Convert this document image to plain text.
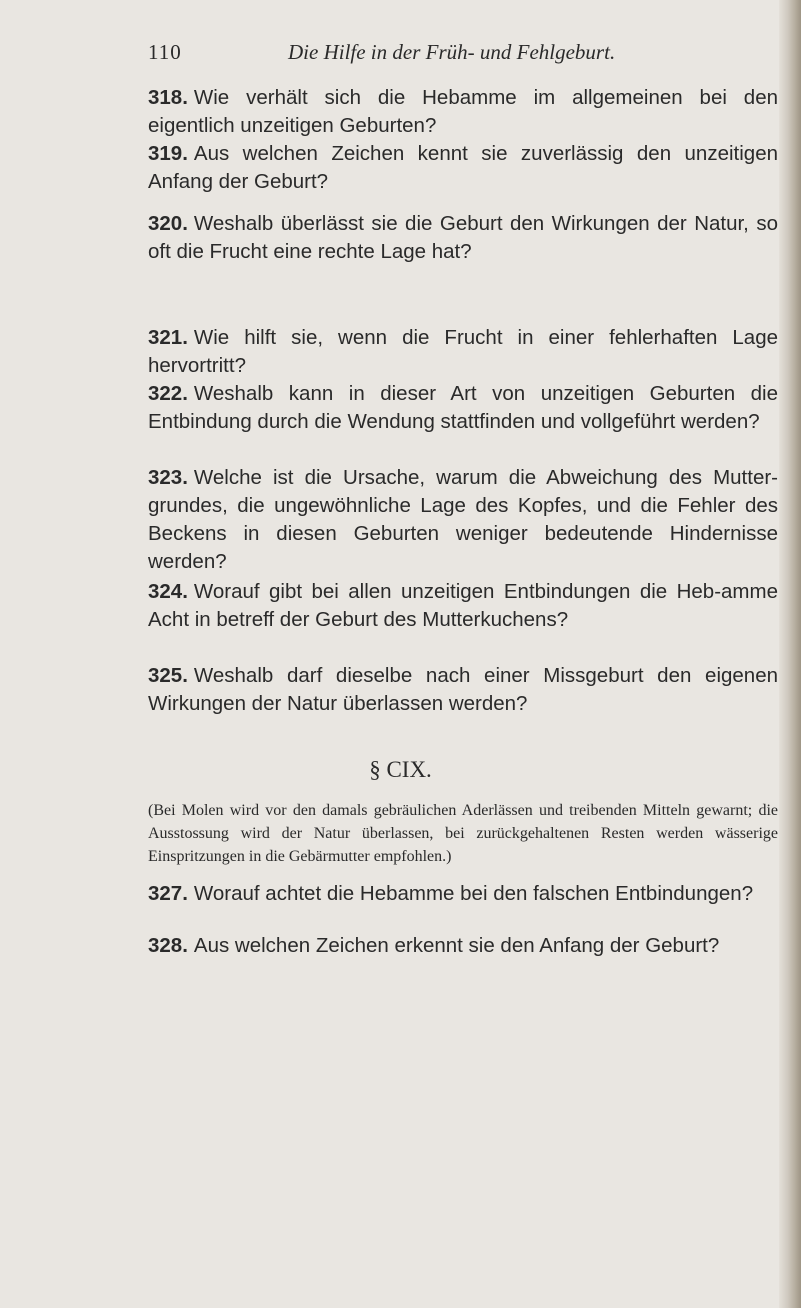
110	Die Hilfe in der Früh- und Fehlgeburt.

318. Wie verhält sich die Hebamme im allgemeinen bei den eigentlich unzeitigen Geburten?

319. Aus welchen Zeichen kennt sie zuverlässig den unzeitigen Anfang der Geburt?

320. Weshalb überlässt sie die Geburt den Wirkungen der Natur, so oft die Frucht eine rechte Lage hat?

321. Wie hilft sie, wenn die Frucht in einer fehlerhaften Lage hervortritt?

322. Weshalb kann in dieser Art von unzeitigen Geburten die Entbindung durch die Wendung stattfinden und vollgeführt werden?

323. Welche ist die Ursache, warum die Abweichung des Mutter-grundes, die ungewöhnliche Lage des Kopfes, und die Fehler des Beckens in diesen Geburten weniger bedeutende Hindernisse werden?

324. Worauf gibt bei allen unzeitigen Entbindungen die Heb-amme Acht in betreff der Geburt des Mutterkuchens?

325. Weshalb darf dieselbe nach einer Missgeburt den eigenen Wirkungen der Natur überlassen werden?

§ CIX.

(Bei Molen wird vor den damals gebräulichen Aderlässen und treibenden Mitteln gewarnt; die Ausstossung wird der Natur überlassen, bei zurückgehaltenen Resten werden wässerige Einspritzungen in die Gebärmutter empfohlen.)

327. Worauf achtet die Hebamme bei den falschen Entbindungen?

328. Aus welchen Zeichen erkennt sie den Anfang der Geburt?
